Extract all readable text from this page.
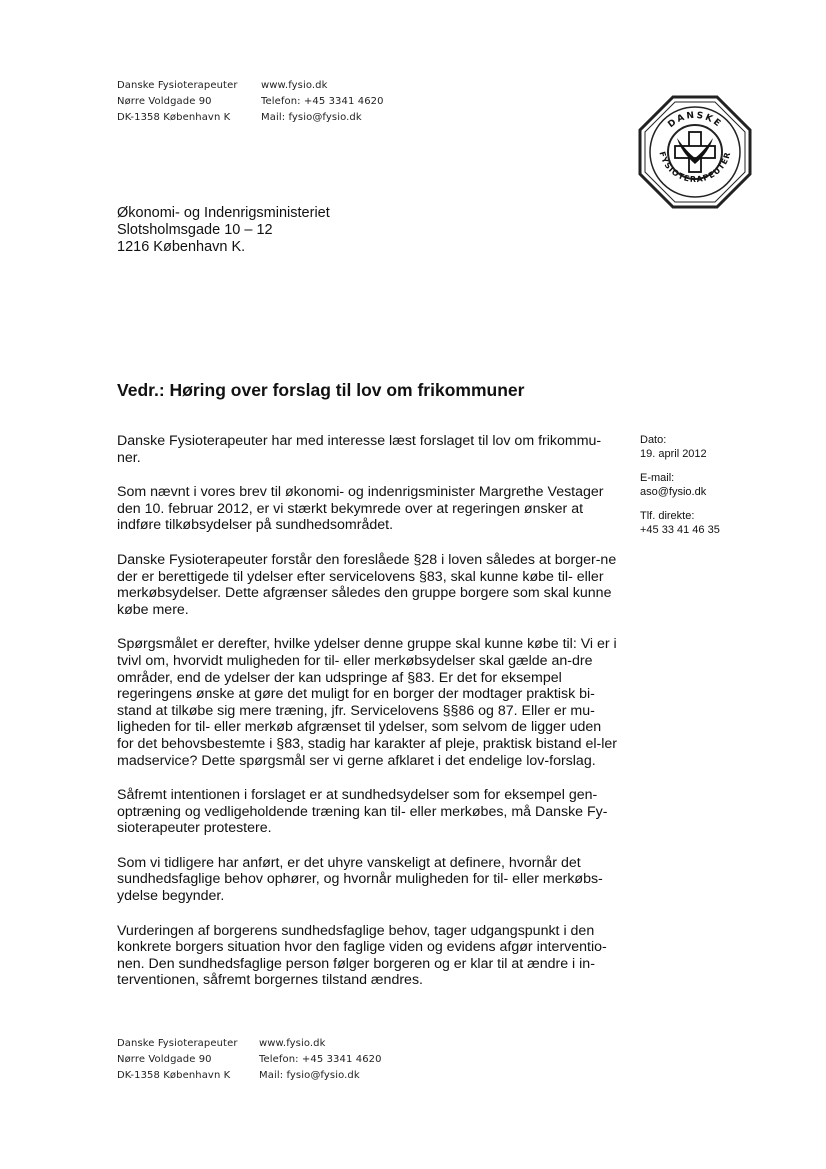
Danske Fysioterapeuter
Nørre Voldgade 90
DK-1358 København K
www.fysio.dk
Telefon: +45 3341 4620
Mail: fysio@fysio.dk	DANSKE
FYSIOTERAPEUTER
Økonomi- og Indenrigsministeriet
Slotsholmsgade 10 – 12
1216 København K.
Vedr.: Høring over forslag til lov om frikommuner

Danske Fysioterapeuter har med interesse læst forslaget til lov om frikommu-ner.

Som nævnt i vores brev til økonomi- og indenrigsminister Margrethe Vestager den 10. februar 2012, er vi stærkt bekymrede over at regeringen ønsker at indføre tilkøbsydelser på sundhedsområdet.

Danske Fysioterapeuter forstår den foreslåede §28 i loven således at borger-ne der er berettigede til ydelser efter servicelovens §83, skal kunne købe til- eller merkøbsydelser. Dette afgrænser således den gruppe borgere som skal kunne købe mere.

Spørgsmålet er derefter, hvilke ydelser denne gruppe skal kunne købe til: Vi er i tvivl om, hvorvidt muligheden for til- eller merkøbsydelser skal gælde an-dre områder, end de ydelser der kan udspringe af §83. Er det for eksempel regeringens ønske at gøre det muligt for en borger der modtager praktisk bi-stand at tilkøbe sig mere træning, jfr. Servicelovens §§86 og 87. Eller er mu-ligheden for til- eller merkøb afgrænset til ydelser, som selvom de ligger uden for det behovsbestemte i §83, stadig har karakter af pleje, praktisk bistand el-ler madservice? Dette spørgsmål ser vi gerne afklaret i det endelige lov-forslag.

Såfremt intentionen i forslaget er at sundhedsydelser som for eksempel gen-optræning og vedligeholdende træning kan til- eller merkøbes, må Danske Fy-sioterapeuter protestere.

Som vi tidligere har anført, er det uhyre vanskeligt at definere, hvornår det sundhedsfaglige behov ophører, og hvornår muligheden for til- eller merkøbs-ydelse begynder.

Vurderingen af borgerens sundhedsfaglige behov, tager udgangspunkt i den konkrete borgers situation hvor den faglige viden og evidens afgør interventio-nen. Den sundhedsfaglige person følger borgeren og er klar til at ændre i in-terventionen, såfremt borgernes tilstand ændres.

Dato:
19. april 2012
E-mail:
aso@fysio.dk
Tlf. direkte:
+45 33 41 46 35
Danske Fysioterapeuter
Nørre Voldgade 90
DK-1358 København K
www.fysio.dk
Telefon: +45 3341 4620
Mail: fysio@fysio.dk
